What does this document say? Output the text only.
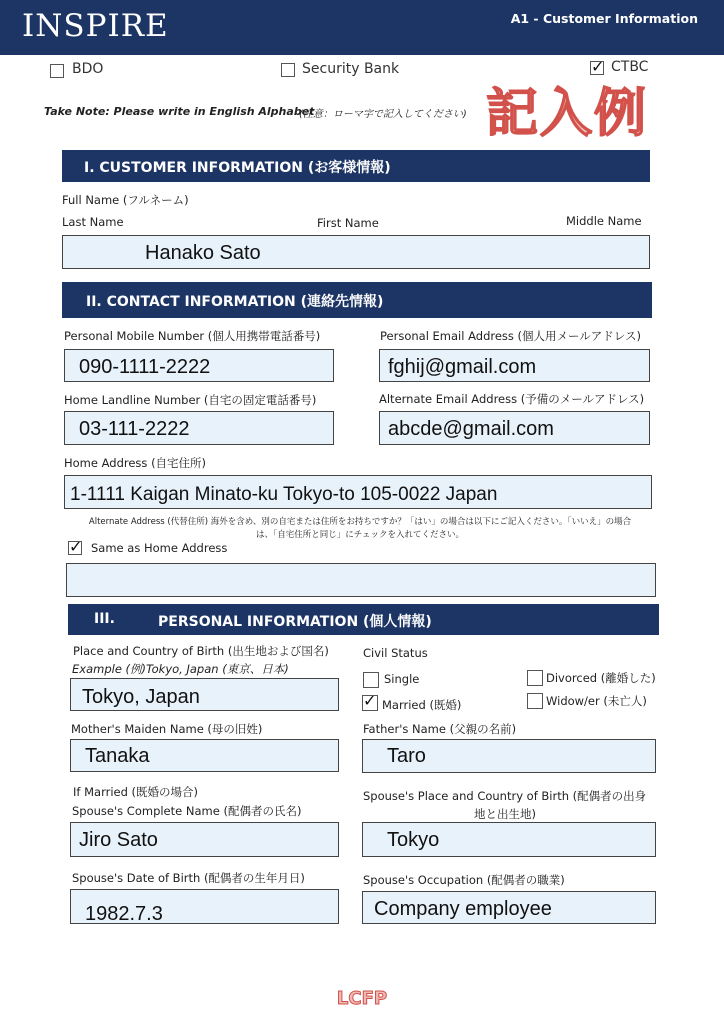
INSPIRE	A1 - Customer Information
BDO	Security Bank
✓	CTBC
Take Note: Please write in English Alphabet
(注意：ローマ字で記入してください) 記入例
I. CUSTOMER INFORMATION (お客様情報)
Full Name (フルネーム)
Last Name	First Name	Middle Name
Hanako Sato
II. CONTACT INFORMATION (連絡先情報)
Personal Mobile Number (個人用携帯電話番号)	Personal Email Address (個人用メールアドレス)
090-1111-2222	fghij@gmail.com
Home Landline Number (自宅の固定電話番号)	Alternate Email Address (予備のメールアドレス)
03-111-2222	abcde@gmail.com
Home Address (自宅住所)
1-1111 Kaigan Minato-ku Tokyo-to 105-0022 Japan
Alternate Address (代替住所) 海外を含め、別の自宅または住所をお持ちですか？「はい」の場合は以下にご記入ください。「いいえ」の場合
は、「自宅住所と同じ」にチェックを入れてください。
✓
Same as Home Address
III.	PERSONAL INFORMATION (個人情報)
Place and Country of Birth (出生地および国名)
Example (例)Tokyo, Japan (東京、日本)
Tokyo, Japan
Civil Status
Single
✓
Married (既婚)
Divorced (離婚した)
Widow/er (未亡人)
Mother's Maiden Name (母の旧姓)
Tanaka
Father's Name (父親の名前)
Taro
If Married (既婚の場合)
Spouse's Complete Name (配偶者の氏名)
Jiro Sato
Spouse's Place and Country of Birth (配偶者の出身
地と出生地)
Tokyo
Spouse's Date of Birth (配偶者の生年月日)
1982.7.3
Spouse's Occupation (配偶者の職業)
Company employee
LCFP
